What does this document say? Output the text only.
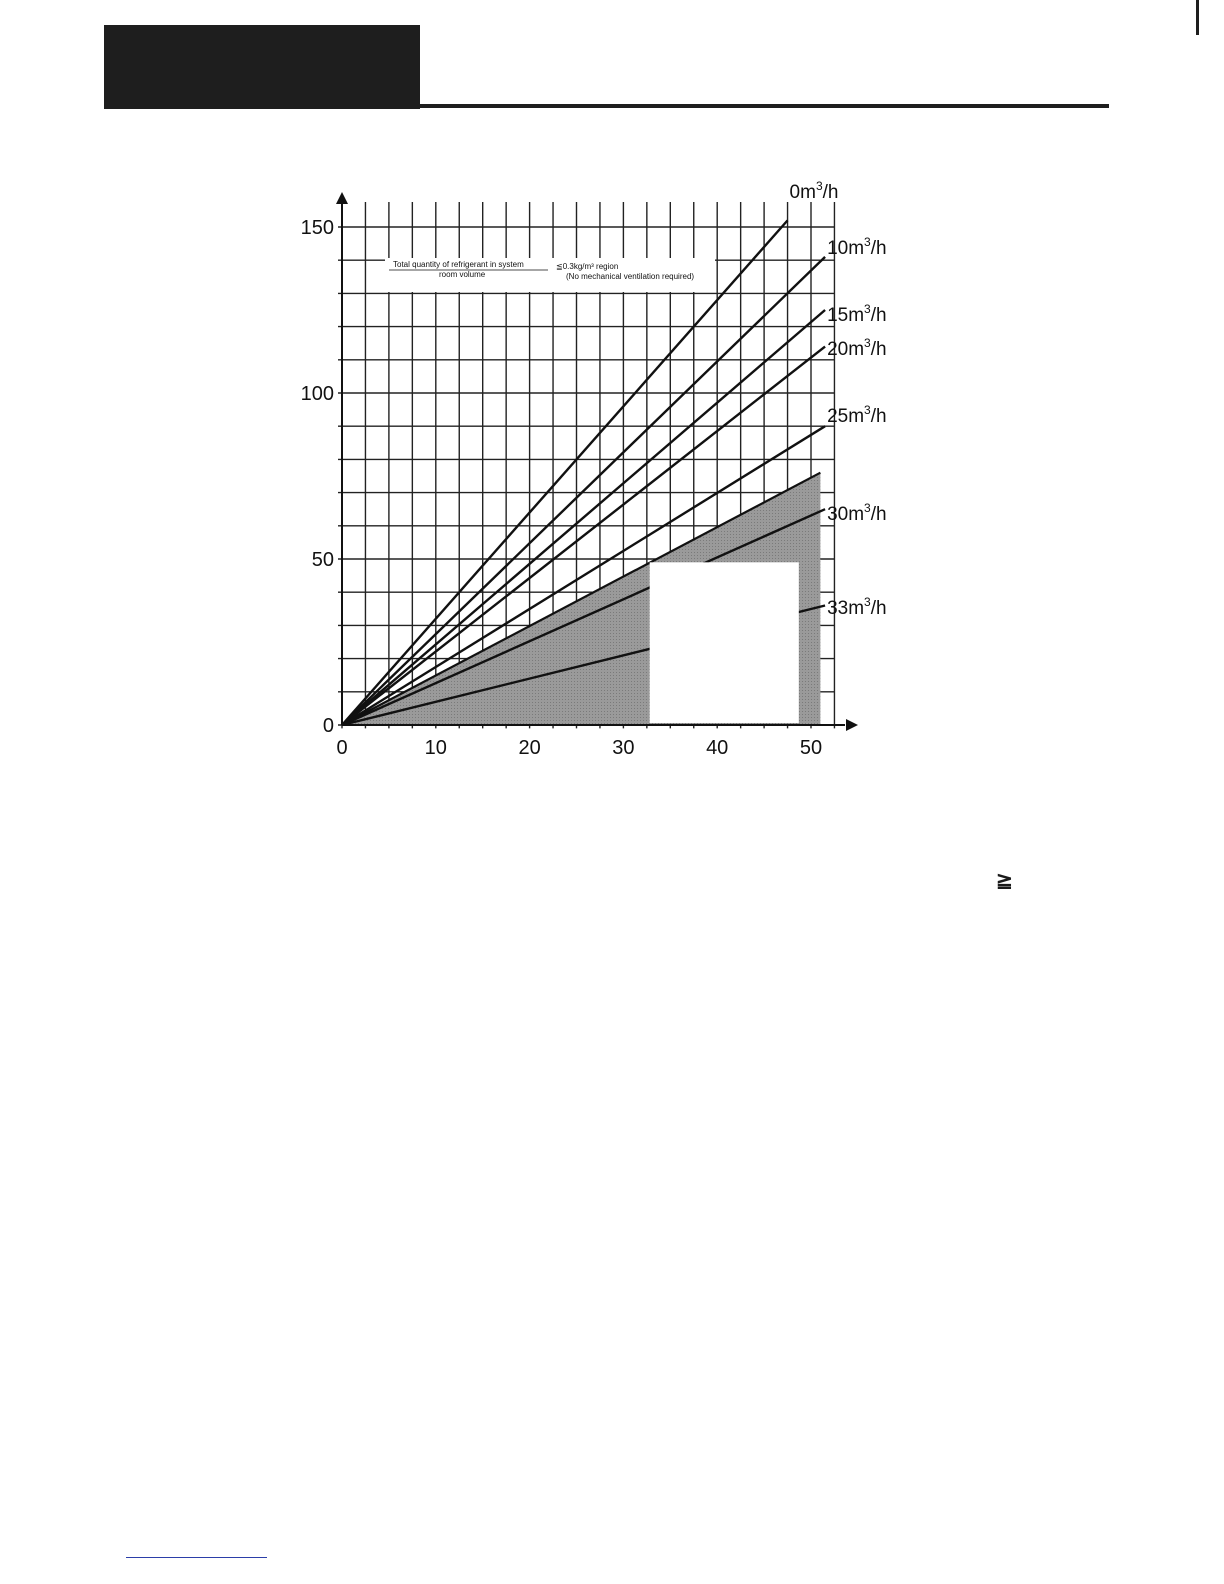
Total quantity of refrigerant in system
room volume
≦0.3kg/m³ region
(No mechanical ventilation required)
0	10	20	30	40	50
0
50
100
150
$0m^3/h$
$10m^3/h$
$15m^3/h$
$20m^3/h$
$25m^3/h$
$30m^3/h$
$33m^3/h$
≧
